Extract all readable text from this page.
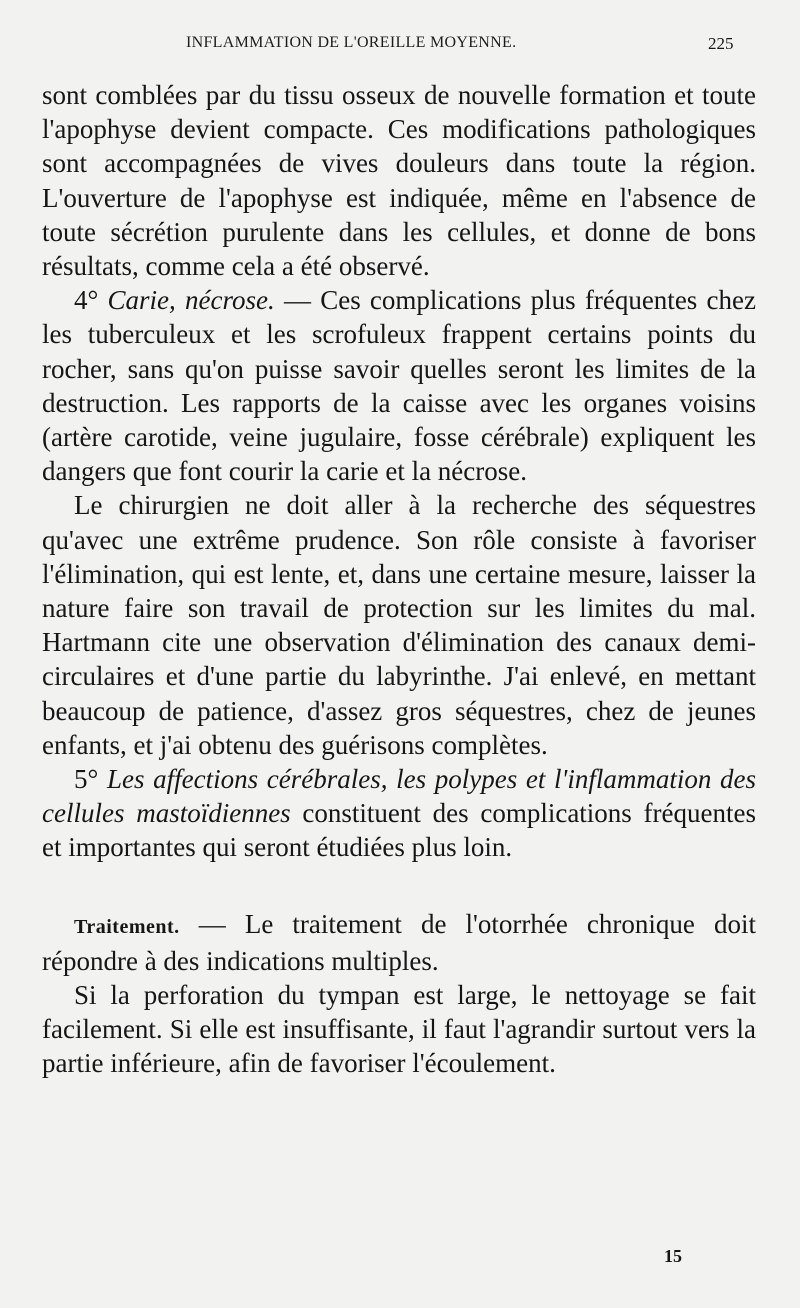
INFLAMMATION DE L'OREILLE MOYENNE.	225

sont comblées par du tissu osseux de nouvelle formation et toute l'apophyse devient compacte. Ces modifications pathologiques sont accompagnées de vives douleurs dans toute la région. L'ouverture de l'apophyse est indiquée, même en l'absence de toute sécrétion purulente dans les cellules, et donne de bons résultats, comme cela a été observé.

4° Carie, nécrose. — Ces complications plus fréquentes chez les tuberculeux et les scrofuleux frappent certains points du rocher, sans qu'on puisse savoir quelles seront les limites de la destruction. Les rapports de la caisse avec les organes voisins (artère carotide, veine jugulaire, fosse cérébrale) expliquent les dangers que font courir la carie et la nécrose.

Le chirurgien ne doit aller à la recherche des séquestres qu'avec une extrême prudence. Son rôle consiste à favoriser l'élimination, qui est lente, et, dans une certaine mesure, laisser la nature faire son travail de protection sur les limites du mal. Hartmann cite une observation d'élimination des canaux demi-circulaires et d'une partie du labyrinthe. J'ai enlevé, en mettant beaucoup de patience, d'assez gros séquestres, chez de jeunes enfants, et j'ai obtenu des guérisons complètes.

5° Les affections cérébrales, les polypes et l'inflammation des cellules mastoïdiennes constituent des complications fréquentes et importantes qui seront étudiées plus loin.

Traitement. — Le traitement de l'otorrhée chronique doit répondre à des indications multiples.

Si la perforation du tympan est large, le nettoyage se fait facilement. Si elle est insuffisante, il faut l'agrandir surtout vers la partie inférieure, afin de favoriser l'écoulement.

15
